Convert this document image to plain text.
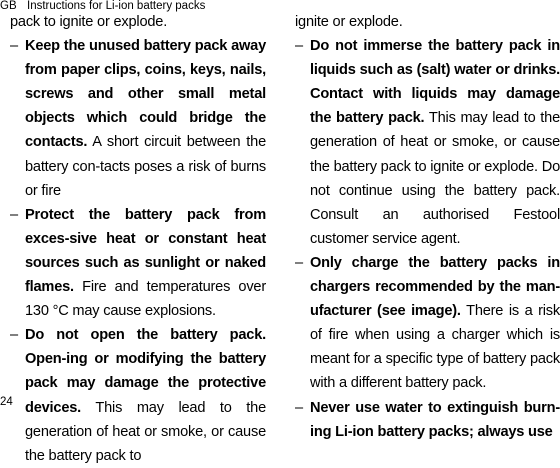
GB Instructions for Li-ion battery packs

pack to ignite or explode.

– Keep the unused battery pack away from paper clips, coins, keys, nails, screws and other small metal objects which could bridge the contacts. A short circuit between the battery con-tacts poses a risk of burns or fire
– Protect the battery pack from exces-sive heat or constant heat sources such as sunlight or naked flames. Fire and temperatures over 130 °C may cause explosions.
– Do not open the battery pack. Open-ing or modifying the battery pack may damage the protective devices. This may lead to the generation of heat or smoke, or cause the battery pack to

ignite or explode.

– Do not immerse the battery pack in liquids such as (salt) water or drinks. Contact with liquids may damage the battery pack. This may lead to the generation of heat or smoke, or cause the battery pack to ignite or explode. Do not continue using the battery pack. Consult an authorised Festool customer service agent.
– Only charge the battery packs in chargers recommended by the man-ufacturer (see image). There is a risk of fire when using a charger which is meant for a specific type of battery pack with a different battery pack.
– Never use water to extinguish burn-ing Li-ion battery packs; always use
24
